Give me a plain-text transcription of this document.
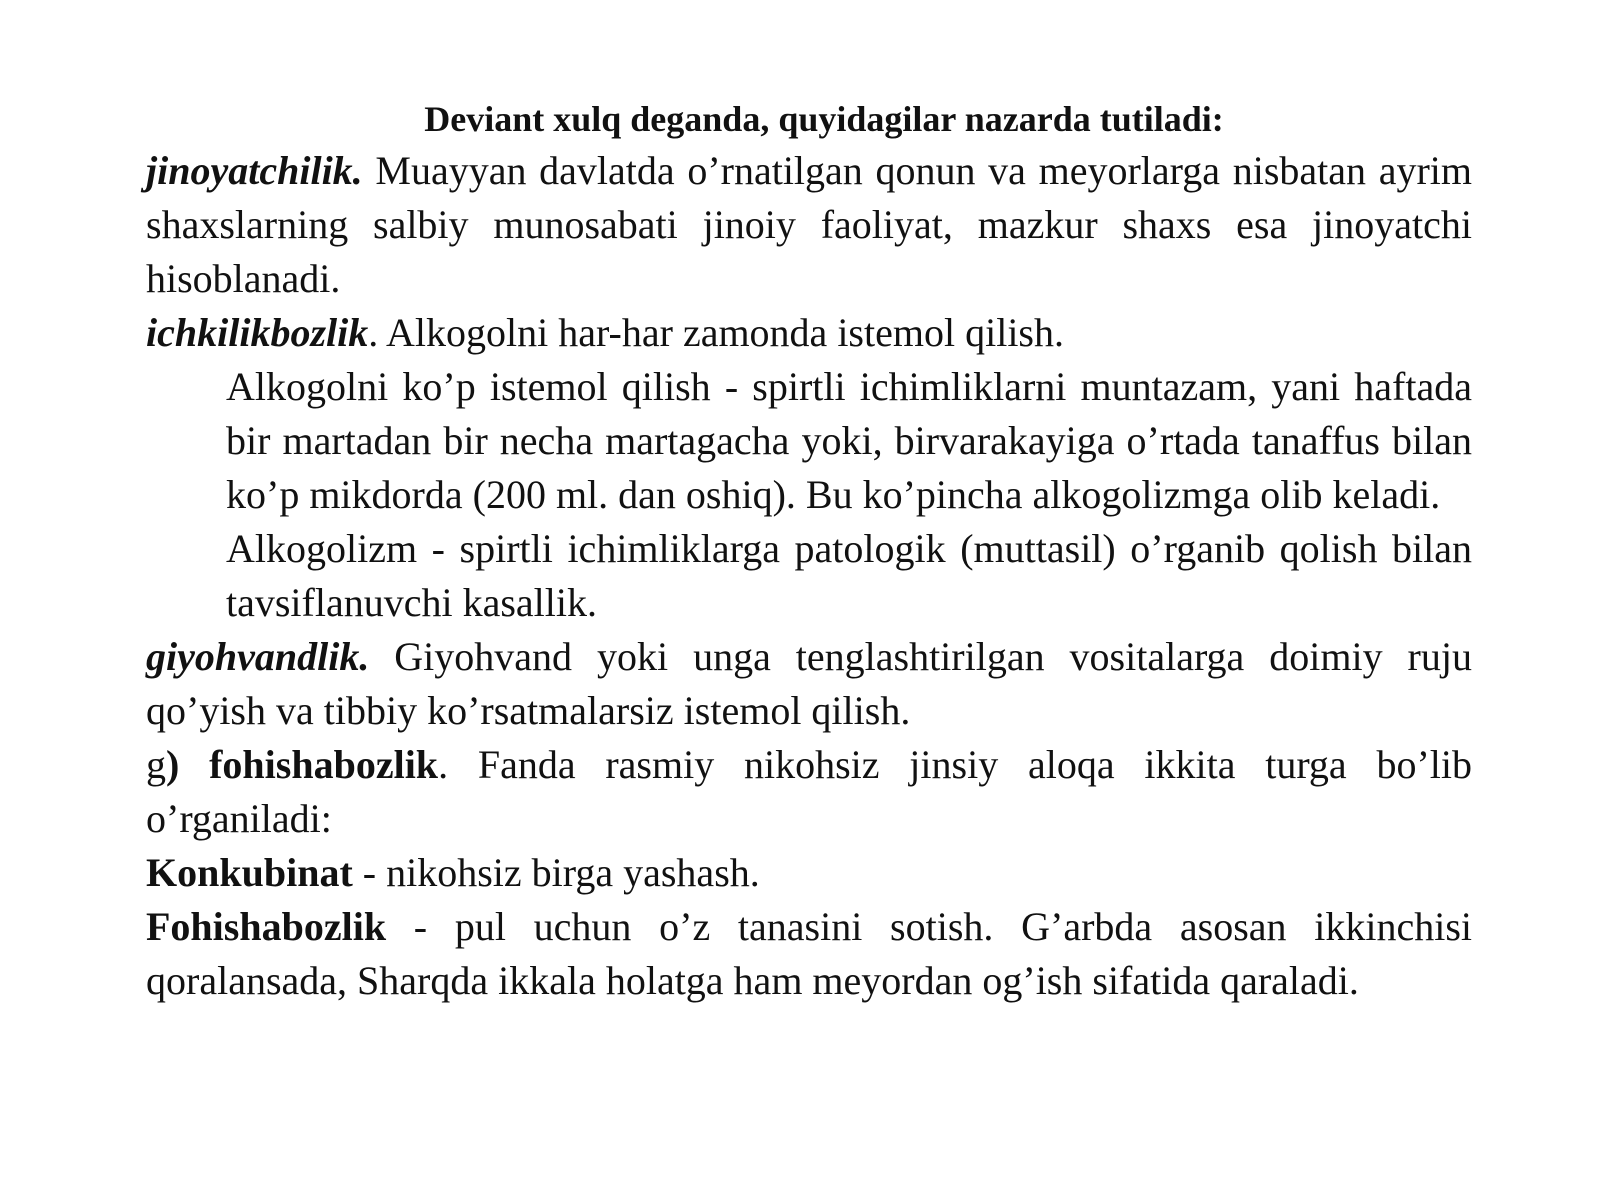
Deviant xulq deganda, quyidagilar nazarda tutiladi:

jinoyatchilik. Muayyan davlatda o’rnatilgan qonun va meyorlarga nisbatan ayrim shaxslarning salbiy munosabati jinoiy faoliyat, mazkur shaxs esa jinoyatchi hisoblanadi.

ichkilikbozlik. Alkogolni har-har zamonda istemol qilish.

Alkogolni ko’p istemol qilish - spirtli ichimliklarni muntazam, yani haftada bir martadan bir necha martagacha yoki, birvarakayiga o’rtada tanaffus bilan ko’p mikdorda (200 ml. dan oshiq). Bu ko’pincha alkogolizmga olib keladi.

Alkogolizm - spirtli ichimliklarga patologik (muttasil) o’rganib qolish bilan tavsiflanuvchi kasallik.

giyohvandlik. Giyohvand yoki unga tenglashtirilgan vositalarga doimiy ruju qo’yish va tibbiy ko’rsatmalarsiz istemol qilish.

g) fohishabozlik. Fanda rasmiy nikohsiz jinsiy aloqa ikkita turga bo’lib o’rganiladi:

Konkubinat - nikohsiz birga yashash.

Fohishabozlik - pul uchun o’z tanasini sotish. G’arbda asosan ikkinchisi qoralansada, Sharqda ikkala holatga ham meyordan og’ish sifatida qaraladi.
